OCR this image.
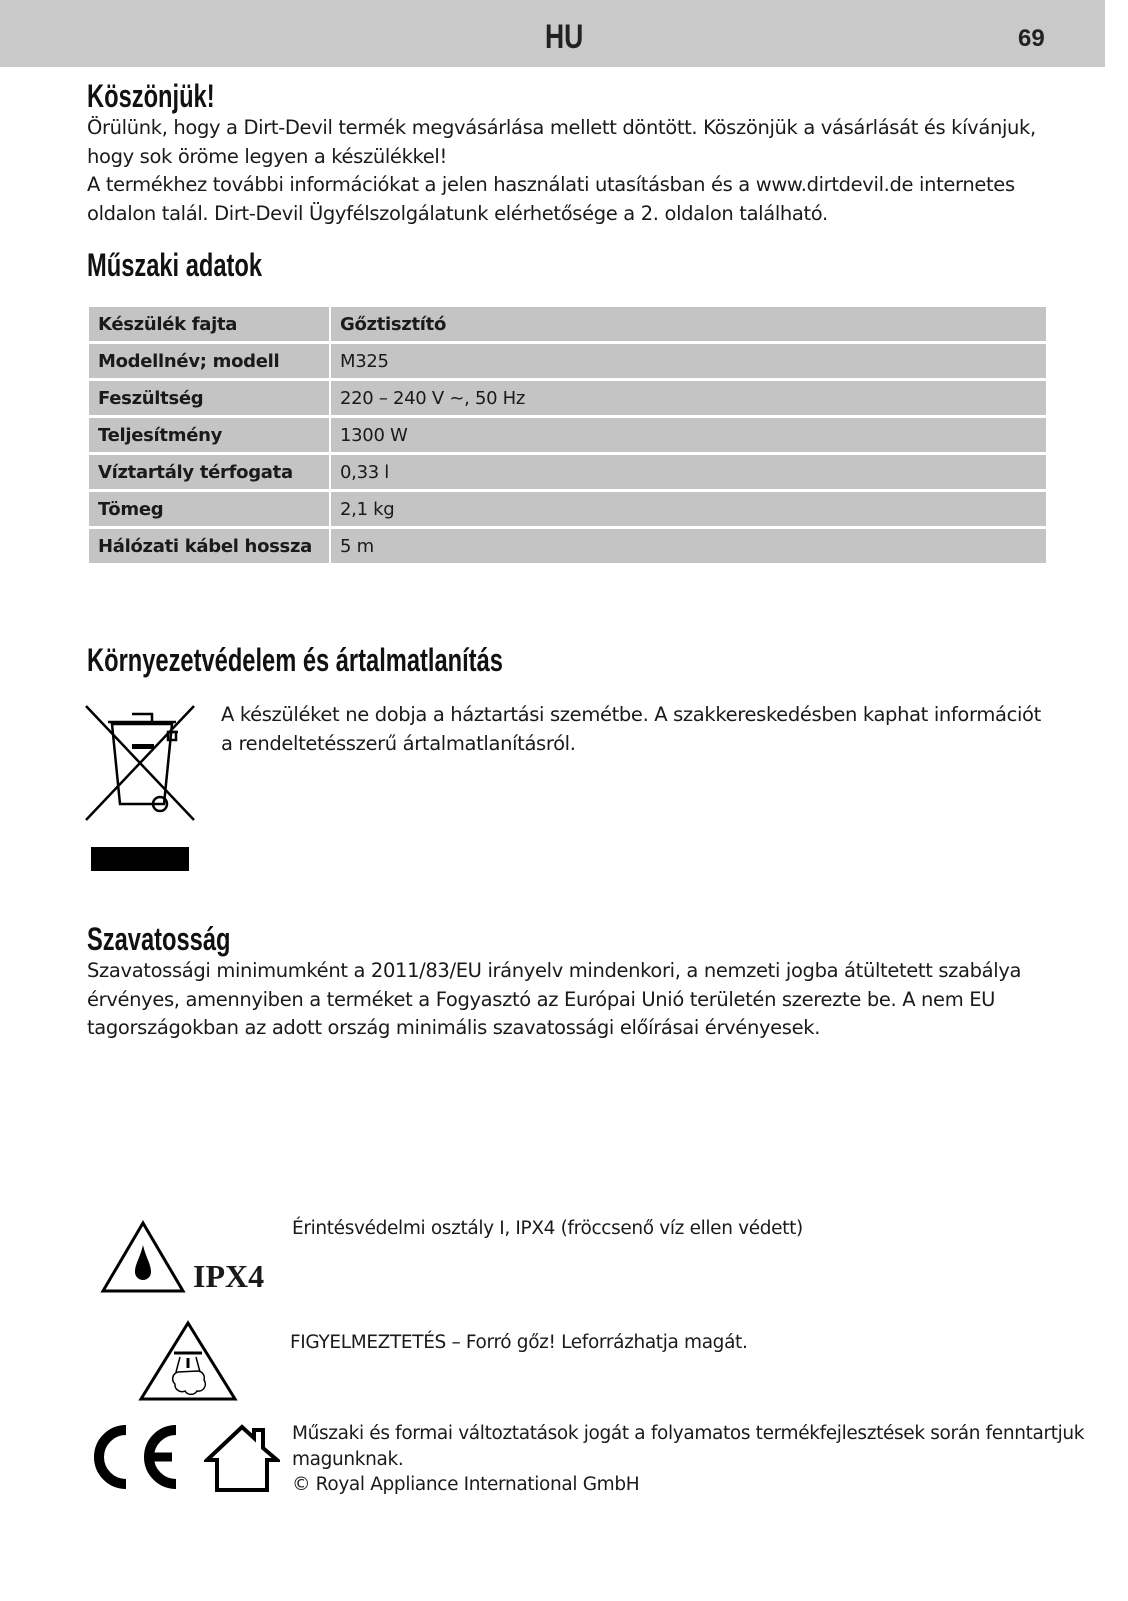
HU	69
Köszönjük!
Örülünk, hogy a Dirt-Devil termék megvásárlása mellett döntött. Köszönjük a vásárlását és kívánjuk,
hogy sok öröme legyen a készülékkel!
A termékhez további információkat a jelen használati utasításban és a www.dirtdevil.de internetes
oldalon talál. Dirt-Devil Ügyfélszolgálatunk elérhetősége a 2. oldalon található.
Műszaki adatok
Készülék fajta	Gőztisztító
Modellnév; modell	M325
Feszültség	220 – 240 V ~, 50 Hz
Teljesítmény	1300 W
Víztartály térfogata	0,33 l
Tömeg	2,1 kg
Hálózati kábel hossza	5 m
Környezetvédelem és ártalmatlanítás
A készüléket ne dobja a háztartási szemétbe. A szakkereskedésben kaphat információt
a rendeltetésszerű ártalmatlanításról.
Szavatosság
Szavatossági minimumként a 2011/83/EU irányelv mindenkori, a nemzeti jogba átültetett szabálya
érvényes, amennyiben a terméket a Fogyasztó az Európai Unió területén szerezte be. A nem EU
tagországokban az adott ország minimális szavatossági előírásai érvényesek.
IPX4
Érintésvédelmi osztály I, IPX4 (fröccsenő víz ellen védett)
FIGYELMEZTETÉS – Forró gőz! Leforrázhatja magát.
Műszaki és formai változtatások jogát a folyamatos termékfejlesztések során fenntartjuk
magunknak.
© Royal Appliance International GmbH
